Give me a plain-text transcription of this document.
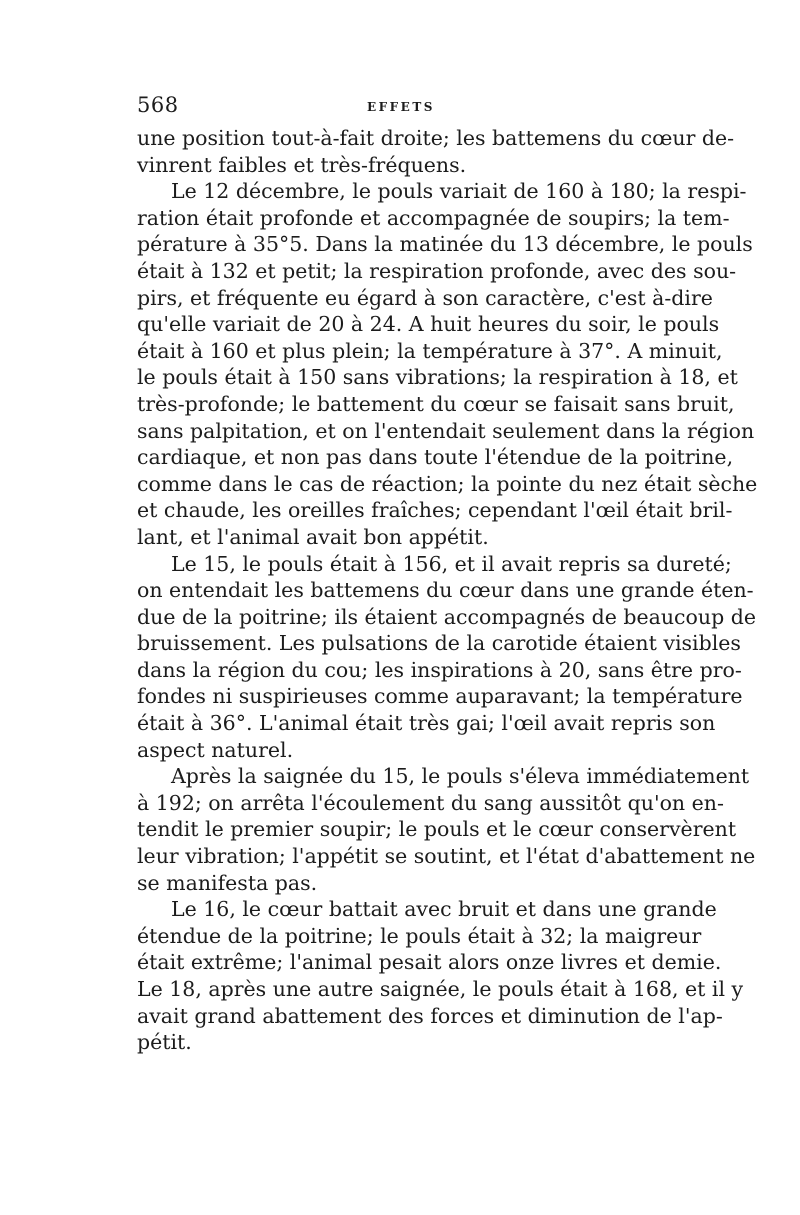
568	EFFETS
une position tout-à-fait droite; les battemens du cœur de-
vinrent faibles et très-fréquens.
Le 12 décembre, le pouls variait de 160 à 180; la respi-
ration était profonde et accompagnée de soupirs; la tem-
pérature à 35°5. Dans la matinée du 13 décembre, le pouls
était à 132 et petit; la respiration profonde, avec des sou-
pirs, et fréquente eu égard à son caractère, c'est à-dire
qu'elle variait de 20 à 24. A huit heures du soir, le pouls
était à 160 et plus plein; la température à 37°. A minuit,
le pouls était à 150 sans vibrations; la respiration à 18, et
très-profonde; le battement du cœur se faisait sans bruit,
sans palpitation, et on l'entendait seulement dans la région
cardiaque, et non pas dans toute l'étendue de la poitrine,
comme dans le cas de réaction; la pointe du nez était sèche
et chaude, les oreilles fraîches; cependant l'œil était bril-
lant, et l'animal avait bon appétit.
Le 15, le pouls était à 156, et il avait repris sa dureté;
on entendait les battemens du cœur dans une grande éten-
due de la poitrine; ils étaient accompagnés de beaucoup de
bruissement. Les pulsations de la carotide étaient visibles
dans la région du cou; les inspirations à 20, sans être pro-
fondes ni suspirieuses comme auparavant; la température
était à 36°. L'animal était très gai; l'œil avait repris son
aspect naturel.
Après la saignée du 15, le pouls s'éleva immédiatement
à 192; on arrêta l'écoulement du sang aussitôt qu'on en-
tendit le premier soupir; le pouls et le cœur conservèrent
leur vibration; l'appétit se soutint, et l'état d'abattement ne
se manifesta pas.
Le 16, le cœur battait avec bruit et dans une grande
étendue de la poitrine; le pouls était à 32; la maigreur
était extrême; l'animal pesait alors onze livres et demie.
Le 18, après une autre saignée, le pouls était à 168, et il y
avait grand abattement des forces et diminution de l'ap-
pétit.
